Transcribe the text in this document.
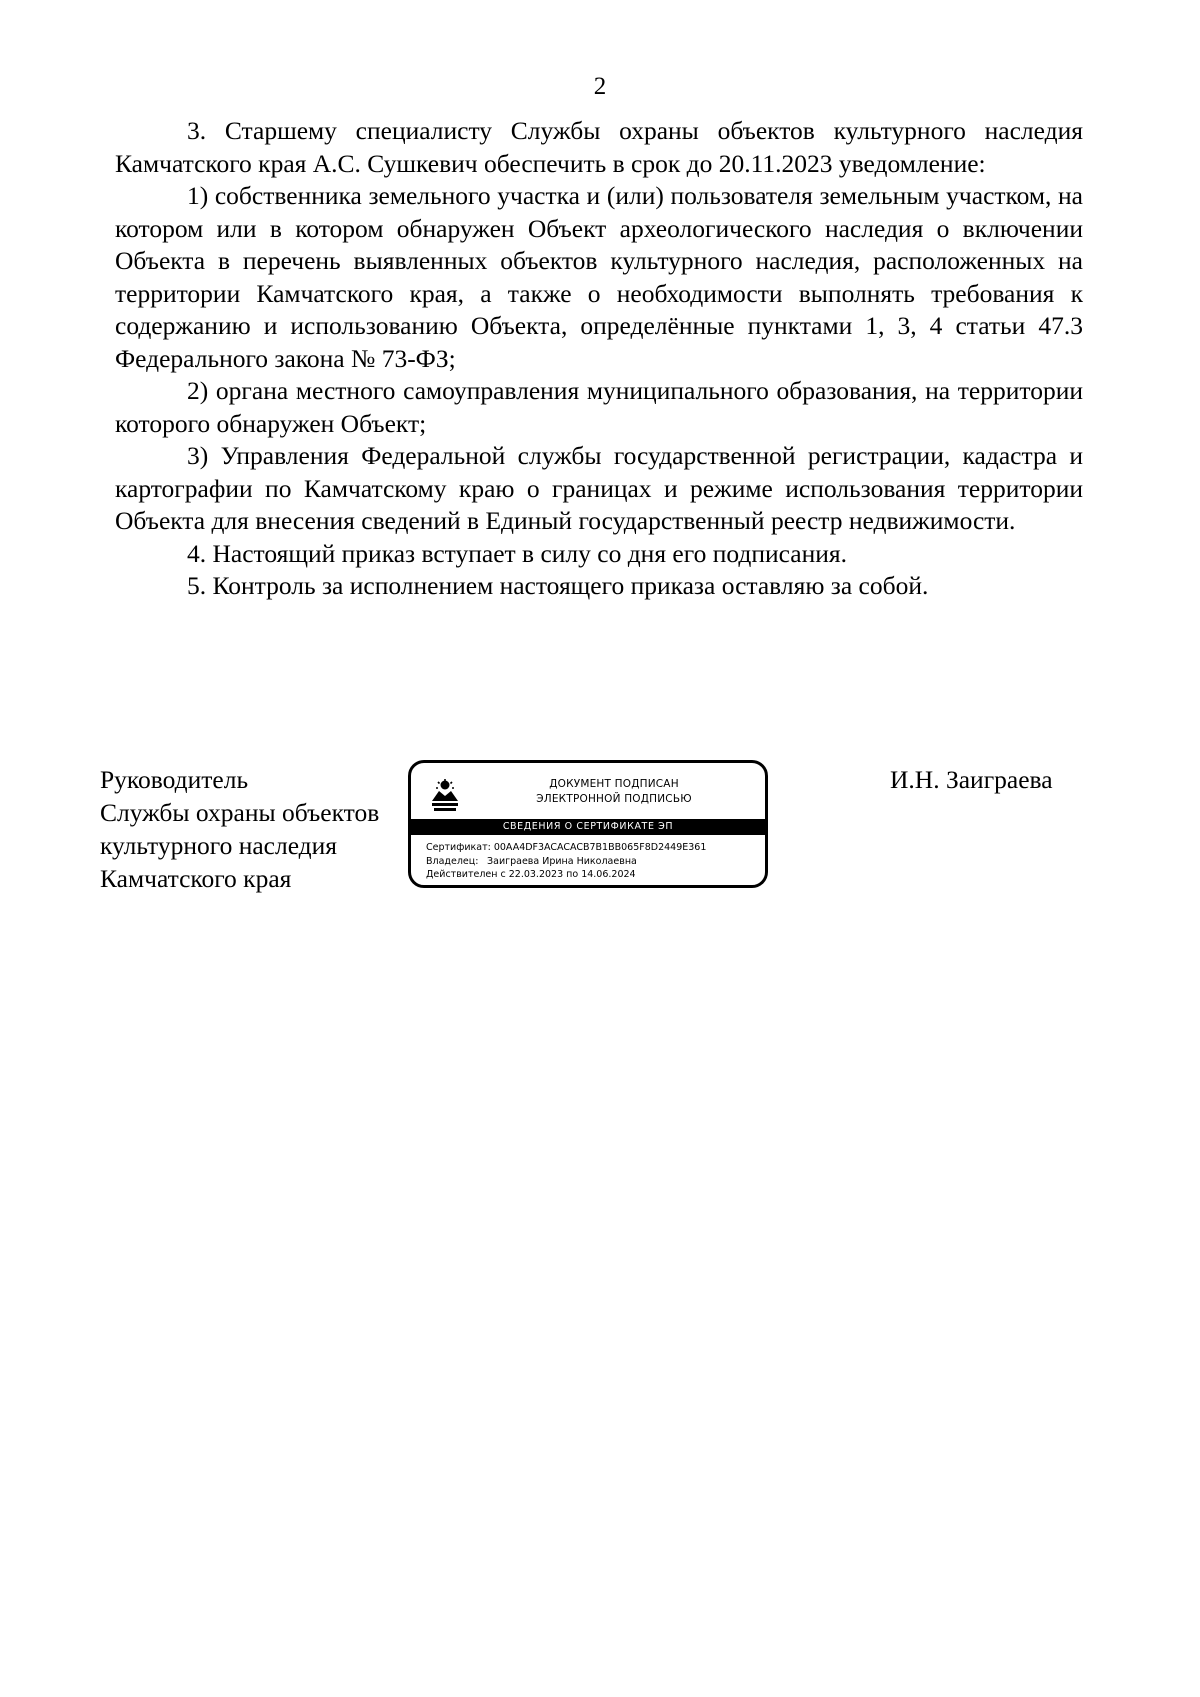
2

3. Старшему специалисту Службы охраны объектов культурного наследия Камчатского края А.С. Сушкевич обеспечить в срок до 20.11.2023 уведомление:

1) собственника земельного участка и (или) пользователя земельным участком, на котором или в котором обнаружен Объект археологического наследия о включении Объекта в перечень выявленных объектов культурного наследия, расположенных на территории Камчатского края, а также о необходимости выполнять требования к содержанию и использованию Объекта, определённые пунктами 1, 3, 4 статьи 47.3 Федерального закона № 73-ФЗ;

2) органа местного самоуправления муниципального образования, на территории которого обнаружен Объект;

3) Управления Федеральной службы государственной регистрации, кадастра и картографии по Камчатскому краю о границах и режиме использования территории Объекта для внесения сведений в Единый государственный реестр недвижимости.

4. Настоящий приказ вступает в силу со дня его подписания.

5. Контроль за исполнением настоящего приказа оставляю за собой.

Руководитель
Службы охраны объектов
культурного наследия
Камчатского края
ДОКУМЕНТ ПОДПИСАН
ЭЛЕКТРОННОЙ ПОДПИСЬЮ
СВЕДЕНИЯ О СЕРТИФИКАТЕ ЭП
Сертификат: 00AA4DF3ACACACB7B1BB065F8D2449E361
Владелец: Заиграева Ирина Николаевна
Действителен с 22.03.2023 по 14.06.2024
И.Н. Заиграева
